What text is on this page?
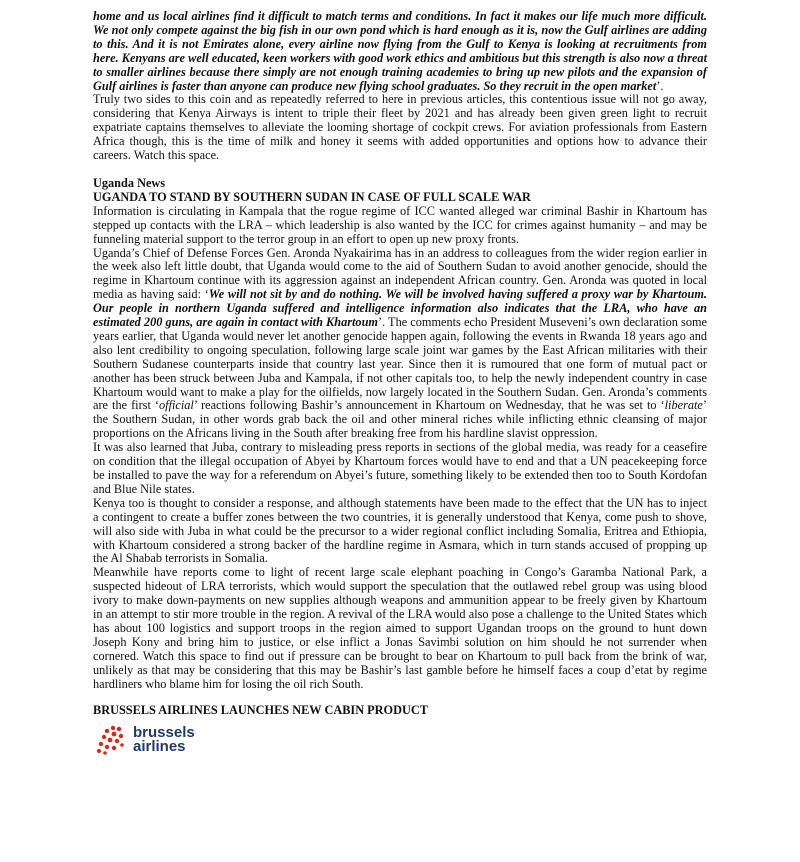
home and us local airlines find it difficult to match terms and conditions. In fact it makes our life much more difficult. We not only compete against the big fish in our own pond which is hard enough as it is, now the Gulf airlines are adding to this. And it is not Emirates alone, every airline now flying from the Gulf to Kenya is looking at recruitments from here. Kenyans are well educated, keen workers with good work ethics and ambitious but this strength is also now a threat to smaller airlines because there simply are not enough training academies to bring up new pilots and the expansion of Gulf airlines is faster than anyone can produce new flying school graduates. So they recruit in the open market’.

Truly two sides to this coin and as repeatedly referred to here in previous articles, this contentious issue will not go away, considering that Kenya Airways is intent to triple their fleet by 2021 and has already been given green light to recruit expatriate captains themselves to alleviate the looming shortage of cockpit crews. For aviation professionals from Eastern Africa though, this is the time of milk and honey it seems with added opportunities and options how to advance their careers. Watch this space.

Uganda News

UGANDA TO STAND BY SOUTHERN SUDAN IN CASE OF FULL SCALE WAR

Information is circulating in Kampala that the rogue regime of ICC wanted alleged war criminal Bashir in Khartoum has stepped up contacts with the LRA – which leadership is also wanted by the ICC for crimes against humanity – and may be funneling material support to the terror group in an effort to open up new proxy fronts.

Uganda’s Chief of Defense Forces Gen. Aronda Nyakairima has in an address to colleagues from the wider region earlier in the week also left little doubt, that Uganda would come to the aid of Southern Sudan to avoid another genocide, should the regime in Khartoum continue with its aggression against an independent African country. Gen. Aronda was quoted in local media as having said: ‘We will not sit by and do nothing. We will be involved having suffered a proxy war by Khartoum. Our people in northern Uganda suffered and intelligence information also indicates that the LRA, who have an estimated 200 guns, are again in contact with Khartoum’. The comments echo President Museveni’s own declaration some years earlier, that Uganda would never let another genocide happen again, following the events in Rwanda 18 years ago and also lent credibility to ongoing speculation, following large scale joint war games by the East African militaries with their Southern Sudanese counterparts inside that country last year. Since then it is rumoured that one form of mutual pact or another has been struck between Juba and Kampala, if not other capitals too, to help the newly independent country in case Khartoum would want to make a play for the oilfields, now largely located in the Southern Sudan. Gen. Aronda’s comments are the first ‘official’ reactions following Bashir’s announcement in Khartoum on Wednesday, that he was set to ‘liberate’ the Southern Sudan, in other words grab back the oil and other mineral riches while inflicting ethnic cleansing of major proportions on the Africans living in the South after breaking free from his hardline slavist oppression.

It was also learned that Juba, contrary to misleading press reports in sections of the global media, was ready for a ceasefire on condition that the illegal occupation of Abyei by Khartoum forces would have to end and that a UN peacekeeping force be installed to pave the way for a referendum on Abyei’s future, something likely to be extended then too to South Kordofan and Blue Nile states.

Kenya too is thought to consider a response, and although statements have been made to the effect that the UN has to inject a contingent to create a buffer zones between the two countries, it is generally understood that Kenya, come push to shove, will also side with Juba in what could be the precursor to a wider regional conflict including Somalia, Eritrea and Ethiopia, with Khartoum considered a strong backer of the hardline regime in Asmara, which in turn stands accused of propping up the Al Shabab terrorists in Somalia.

Meanwhile have reports come to light of recent large scale elephant poaching in Congo’s Garamba National Park, a suspected hideout of LRA terrorists, which would support the speculation that the outlawed rebel group was using blood ivory to make down-payments on new supplies although weapons and ammunition appear to be freely given by Khartoum in an attempt to stir more trouble in the region. A revival of the LRA would also pose a challenge to the United States which has about 100 logistics and support troops in the region aimed to support Ugandan troops on the ground to hunt down Joseph Kony and bring him to justice, or else inflict a Jonas Savimbi solution on him should he not surrender when cornered. Watch this space to find out if pressure can be brought to bear on Khartoum to pull back from the brink of war, unlikely as that may be considering that this may be Bashir’s last gamble before he himself faces a coup d’etat by regime hardliners who blame him for losing the oil rich South.

BRUSSELS AIRLINES LAUNCHES NEW CABIN PRODUCT

brussels
airlines
